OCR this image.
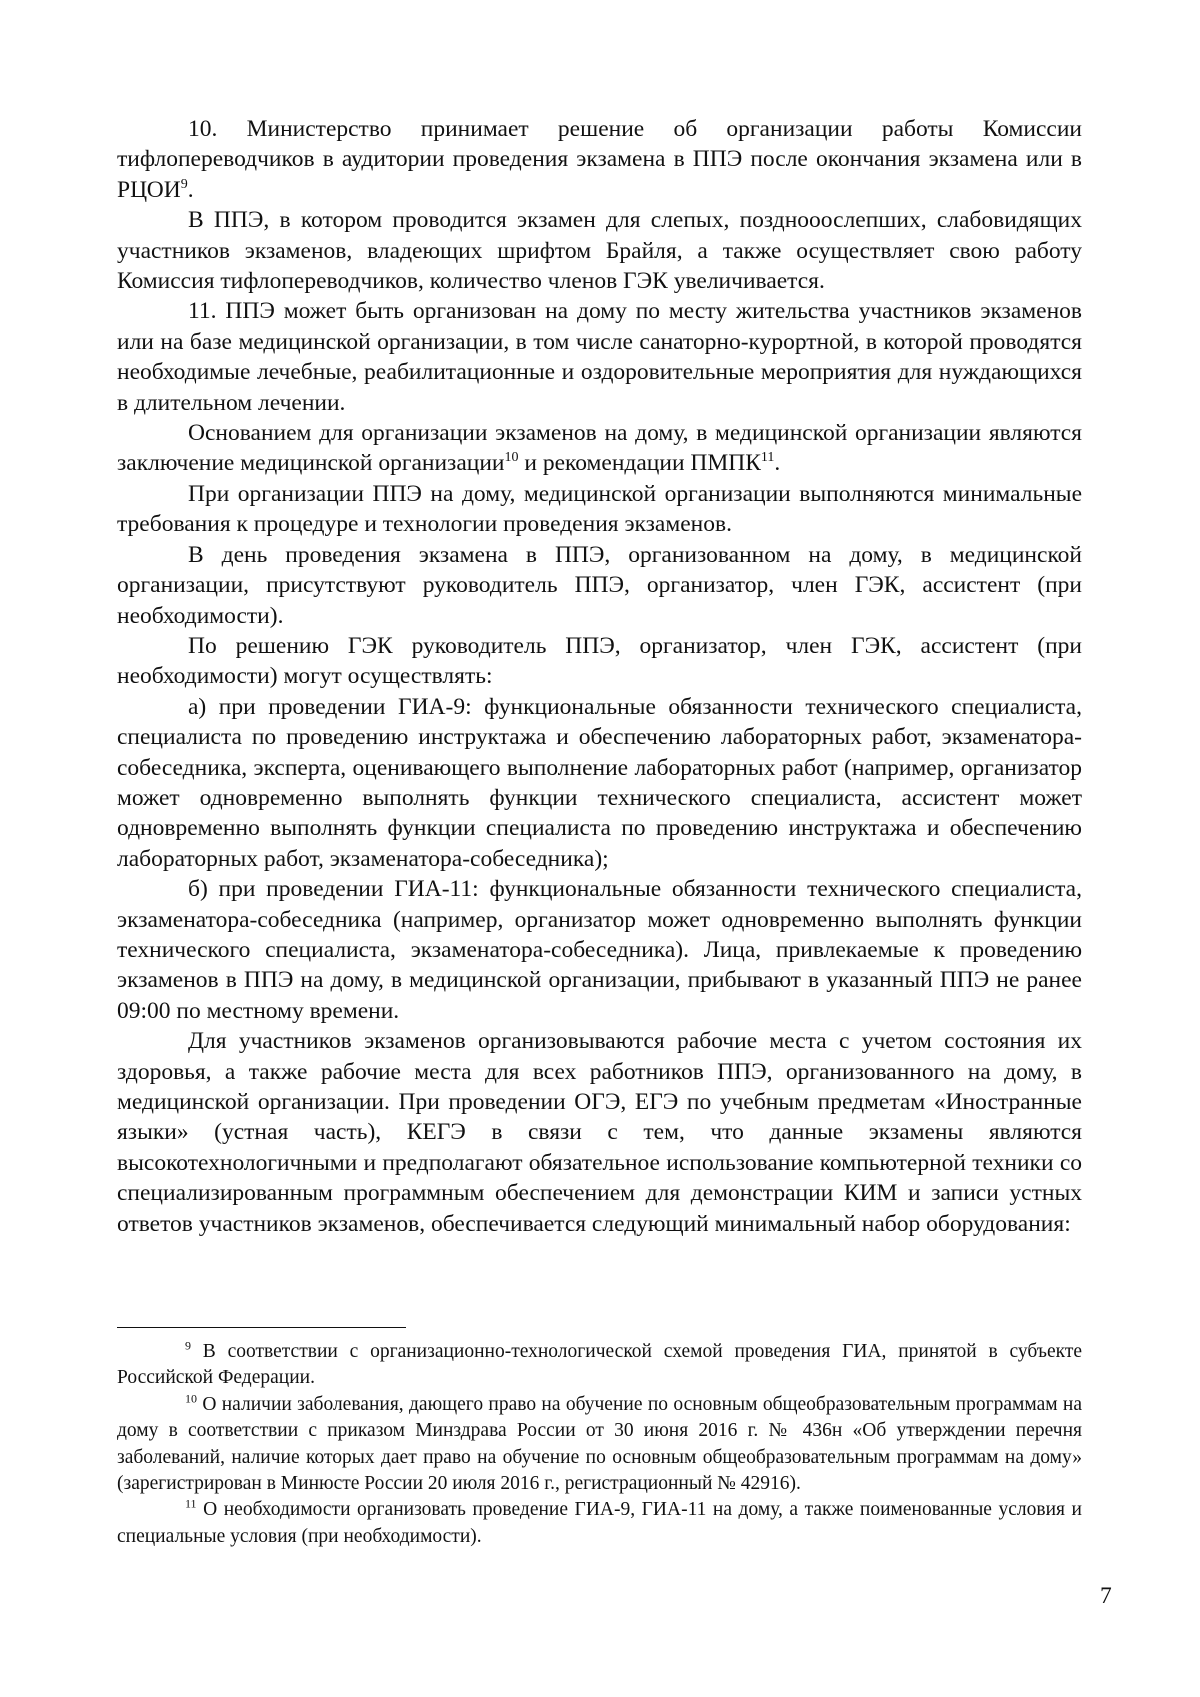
10. Министерство принимает решение об организации работы Комиссии тифлопереводчиков в аудитории проведения экзамена в ППЭ после окончания экзамена или в РЦОИ$^9$.

В ППЭ, в котором проводится экзамен для слепых, позднооослепших, слабовидящих участников экзаменов, владеющих шрифтом Брайля, а также осуществляет свою работу Комиссия тифлопереводчиков, количество членов ГЭК увеличивается.

11. ППЭ может быть организован на дому по месту жительства участников экзаменов или на базе медицинской организации, в том числе санаторно-курортной, в которой проводятся необходимые лечебные, реабилитационные и оздоровительные мероприятия для нуждающихся в длительном лечении.

Основанием для организации экзаменов на дому, в медицинской организации являются заключение медицинской организации$^{10}$ и рекомендации ПМПК$^{11}$.

При организации ППЭ на дому, медицинской организации выполняются минимальные требования к процедуре и технологии проведения экзаменов.

В день проведения экзамена в ППЭ, организованном на дому, в медицинской организации, присутствуют руководитель ППЭ, организатор, член ГЭК, ассистент (при необходимости).

По решению ГЭК руководитель ППЭ, организатор, член ГЭК, ассистент (при необходимости) могут осуществлять:

а) при проведении ГИА-9: функциональные обязанности технического специалиста, специалиста по проведению инструктажа и обеспечению лабораторных работ, экзаменатора-собеседника, эксперта, оценивающего выполнение лабораторных работ (например, организатор может одновременно выполнять функции технического специалиста, ассистент может одновременно выполнять функции специалиста по проведению инструктажа и обеспечению лабораторных работ, экзаменатора-собеседника);

б) при проведении ГИА-11: функциональные обязанности технического специалиста, экзаменатора-собеседника (например, организатор может одновременно выполнять функции технического специалиста, экзаменатора-собеседника). Лица, привлекаемые к проведению экзаменов в ППЭ на дому, в медицинской организации, прибывают в указанный ППЭ не ранее 09:00 по местному времени.

Для участников экзаменов организовываются рабочие места с учетом состояния их здоровья, а также рабочие места для всех работников ППЭ, организованного на дому, в медицинской организации. При проведении ОГЭ, ЕГЭ по учебным предметам «Иностранные языки» (устная часть), КЕГЭ в связи с тем, что данные экзамены являются высокотехнологичными и предполагают обязательное использование компьютерной техники со специализированным программным обеспечением для демонстрации КИМ и записи устных ответов участников экзаменов, обеспечивается следующий минимальный набор оборудования:

$^9$ В соответствии с организационно-технологической схемой проведения ГИА, принятой в субъекте Российской Федерации.

$^{10}$ О наличии заболевания, дающего право на обучение по основным общеобразовательным программам на дому в соответствии с приказом Минздрава России от 30 июня 2016 г. № 436н «Об утверждении перечня заболеваний, наличие которых дает право на обучение по основным общеобразовательным программам на дому» (зарегистрирован в Минюсте России 20 июля 2016 г., регистрационный № 42916).

$^{11}$ О необходимости организовать проведение ГИА-9, ГИА-11 на дому, а также поименованные условия и специальные условия (при необходимости).

7
